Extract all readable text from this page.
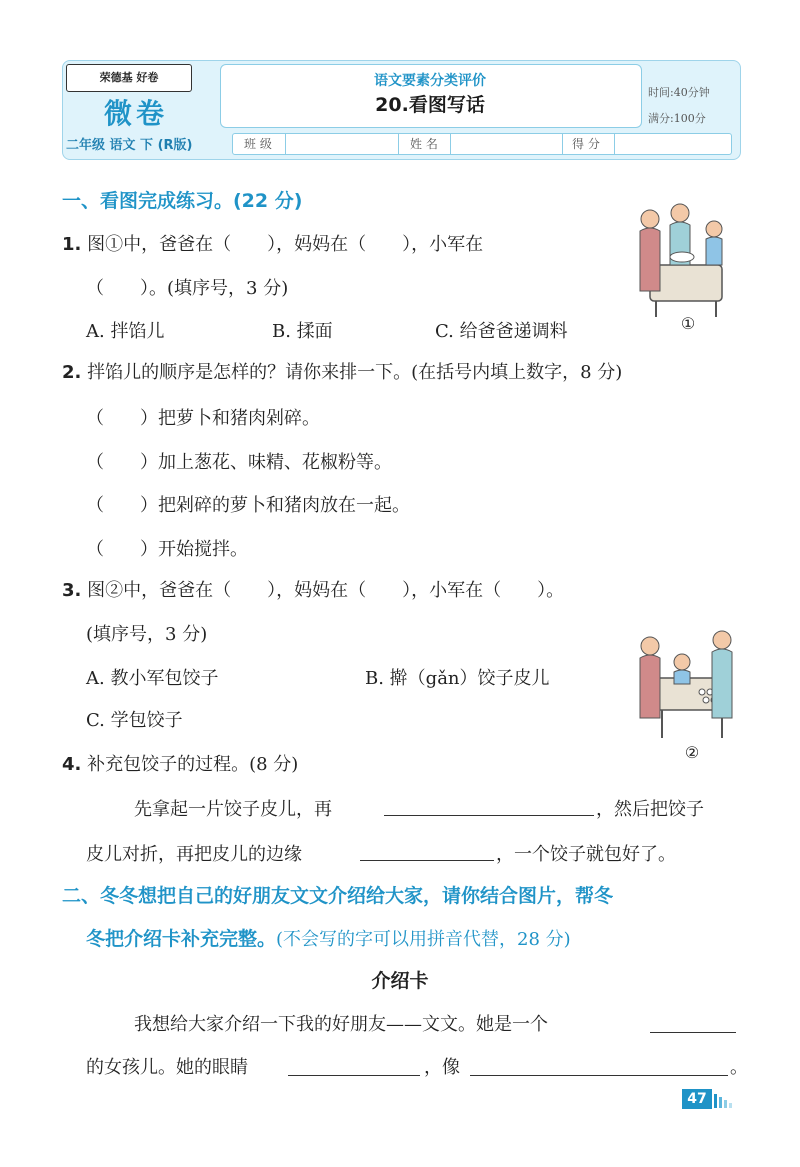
荣德基 好卷
微卷
二年级 语文 下 (R版)
语文要素分类评价
20.看图写话
时间:40分钟
满分:100分
班 级	姓 名	得 分
一、看图完成练习。(22 分)
1. 图①中，爸爸在（　　），妈妈在（　　），小军在
（　　）。(填序号，3 分)
A. 拌馅儿	B. 揉面	C. 给爸爸递调料	①
2. 拌馅儿的顺序是怎样的？请你来排一下。(在括号内填上数字，8 分)
（　　）把萝卜和猪肉剁碎。
（　　）加上葱花、味精、花椒粉等。
（　　）把剁碎的萝卜和猪肉放在一起。
（　　）开始搅拌。
3. 图②中，爸爸在（　　），妈妈在（　　），小军在（　　）。
(填序号，3 分)
A. 教小军包饺子	B. 擀（gǎn）饺子皮儿
C. 学包饺子
②
4. 补充包饺子的过程。(8 分)
先拿起一片饺子皮儿，再	，然后把饺子
皮儿对折，再把皮儿的边缘	，一个饺子就包好了。
二、冬冬想把自己的好朋友文文介绍给大家，请你结合图片，帮冬
冬把介绍卡补充完整。(不会写的字可以用拼音代替，28 分)
介绍卡
我想给大家介绍一下我的好朋友——文文。她是一个
的女孩儿。她的眼睛	，像	。
47
